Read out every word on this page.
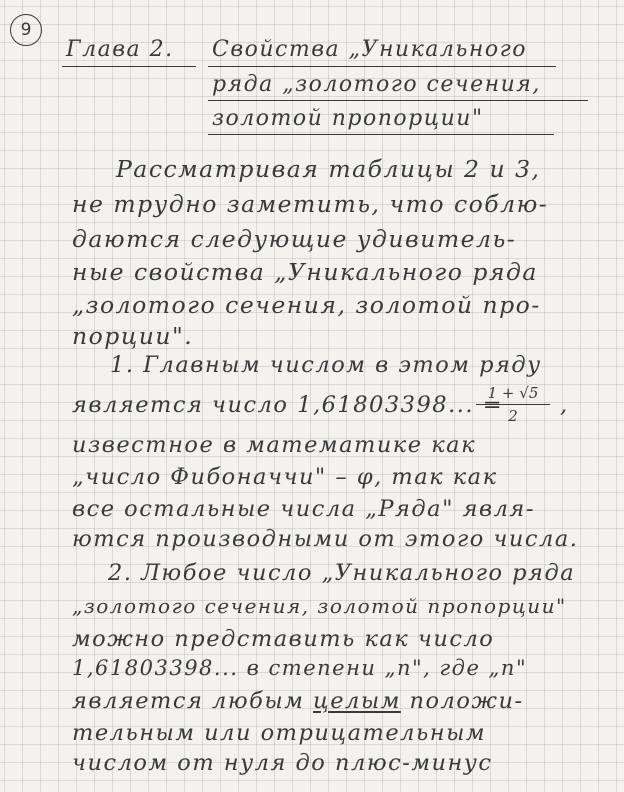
9
Глава 2. Свойства „Уникального
ряда „золотого сечения,
золотой пропорции"
Рассматривая таблицы 2 и 3,
не трудно заметить, что соблю-
даются следующие удивитель-
ные свойства „Уникального ряда
„золотого сечения, золотой про-
порции".
1. Главным числом в этом ряду
является число 1,61803398... =
1 + √5
2	,
известное в математике как
„число Фибоначчи" – φ, так как
все остальные числа „Ряда" явля-
ются производными от этого числа.
2. Любое число „Уникального ряда
„золотого сечения, золотой пропорции"
можно представить как число
1,61803398... в степени „n", где „n"
является любым целым положи-
тельным или отрицательным
числом от нуля до плюс-минус
